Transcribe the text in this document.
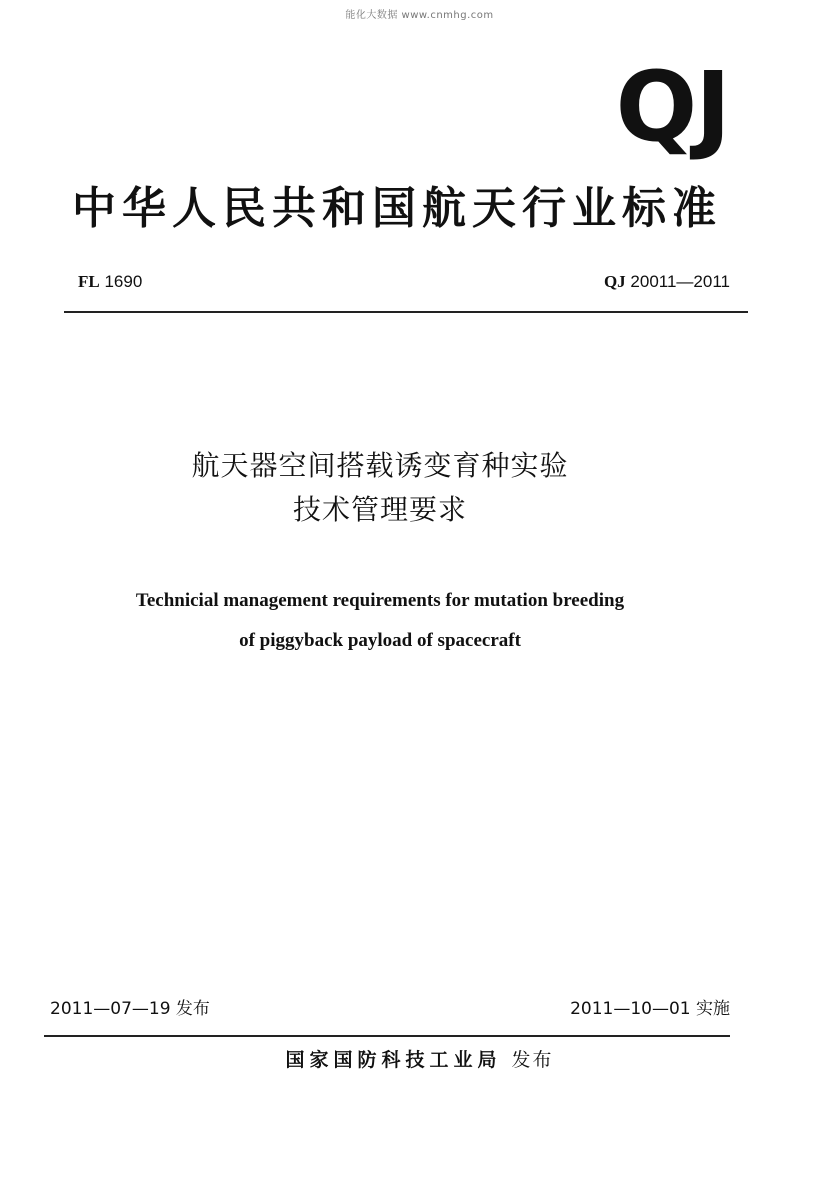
能化大数据 www.cnmhg.com
QJ
中华人民共和国航天行业标准
FL 1690	QJ 20011—2011
航天器空间搭载诱变育种实验
技术管理要求
Technicial management requirements for mutation breeding
of piggyback payload of spacecraft
2011—07—19 发布	2011—10—01 实施
国家国防科技工业局 发布
